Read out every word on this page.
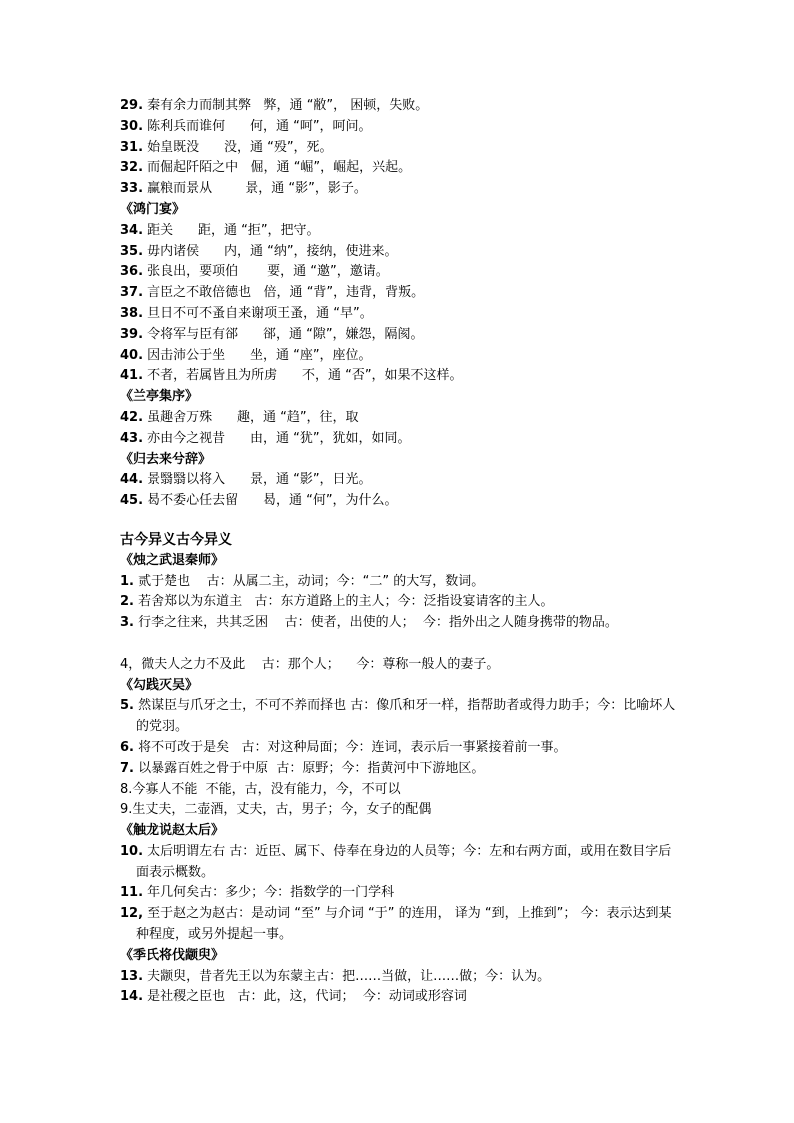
29. 秦有余力而制其弊   弊，通 “敝”， 困顿，失败。
30. 陈利兵而谁何      何，通 “呵”，呵问。
31. 始皇既没      没，通 “殁”，死。
32. 而倔起阡陌之中   倔，通 “崛”，崛起，兴起。
33. 赢粮而景从        景，通 “影”，影子。
《鸿门宴》
34. 距关      距，通 “拒”，把守。
35. 毋内诸侯      内，通 “纳”，接纳，使进来。
36. 张良出，要项伯       要，通 “邀”，邀请。
37. 言臣之不敢倍德也   倍，通 “背”，违背，背叛。
38. 旦日不可不蚤自来谢项王蚤，通 “早”。
39. 令将军与臣有郤      郤，通 “隙”，嫌怨，隔阂。
40. 因击沛公于坐      坐，通 “座”，座位。
41. 不者，若属皆且为所虏      不，通 “否”，如果不这样。
《兰亭集序》
42. 虽趣舍万殊      趣，通 “趋”，往，取
43. 亦由今之视昔      由，通 “犹”，犹如，如同。
《归去来兮辞》
44. 景翳翳以将入      景，通 “影”，日光。
45. 曷不委心任去留      曷，通 “何”，为什么。
古今异义古今异义
《烛之武退秦师》
1. 贰于楚也    古：从属二主，动词；今：“二” 的大写，数词。
2. 若舍郑以为东道主   古：东方道路上的主人；今：泛指设宴请客的主人。
3. 行李之往来，共其乏困    古：使者，出使的人；  今：指外出之人随身携带的物品。
4，微夫人之力不及此    古：那个人；    今：尊称一般人的妻子。
《勾践灭吴》
5. 然谋臣与爪牙之士，不可不养而择也 古：像爪和牙一样，指帮助者或得力助手；今：比喻坏人的党羽。
6. 将不可改于是矣   古：对这种局面；今：连词，表示后一事紧接着前一事。
7. 以暴露百姓之骨于中原  古：原野；今：指黄河中下游地区。
8.今寡人不能  不能，古，没有能力，今，不可以
9.生丈夫，二壶酒，丈夫，古，男子；今，女子的配偶
《触龙说赵太后》
10. 太后明谓左右 古：近臣、属下、侍奉在身边的人员等；今：左和右两方面，或用在数目字后面表示概数。
11. 年几何矣古：多少；今：指数学的一门学科
12, 至于赵之为赵古：是动词 “至” 与介词 “于” 的连用， 译为 “到，上推到”； 今：表示达到某种程度，或另外提起一事。
《季氏将伐颛臾》
13. 夫颛臾，昔者先王以为东蒙主古：把……当做，让……做；今：认为。
14. 是社稷之臣也   古：此，这，代词；  今：动词或形容词
